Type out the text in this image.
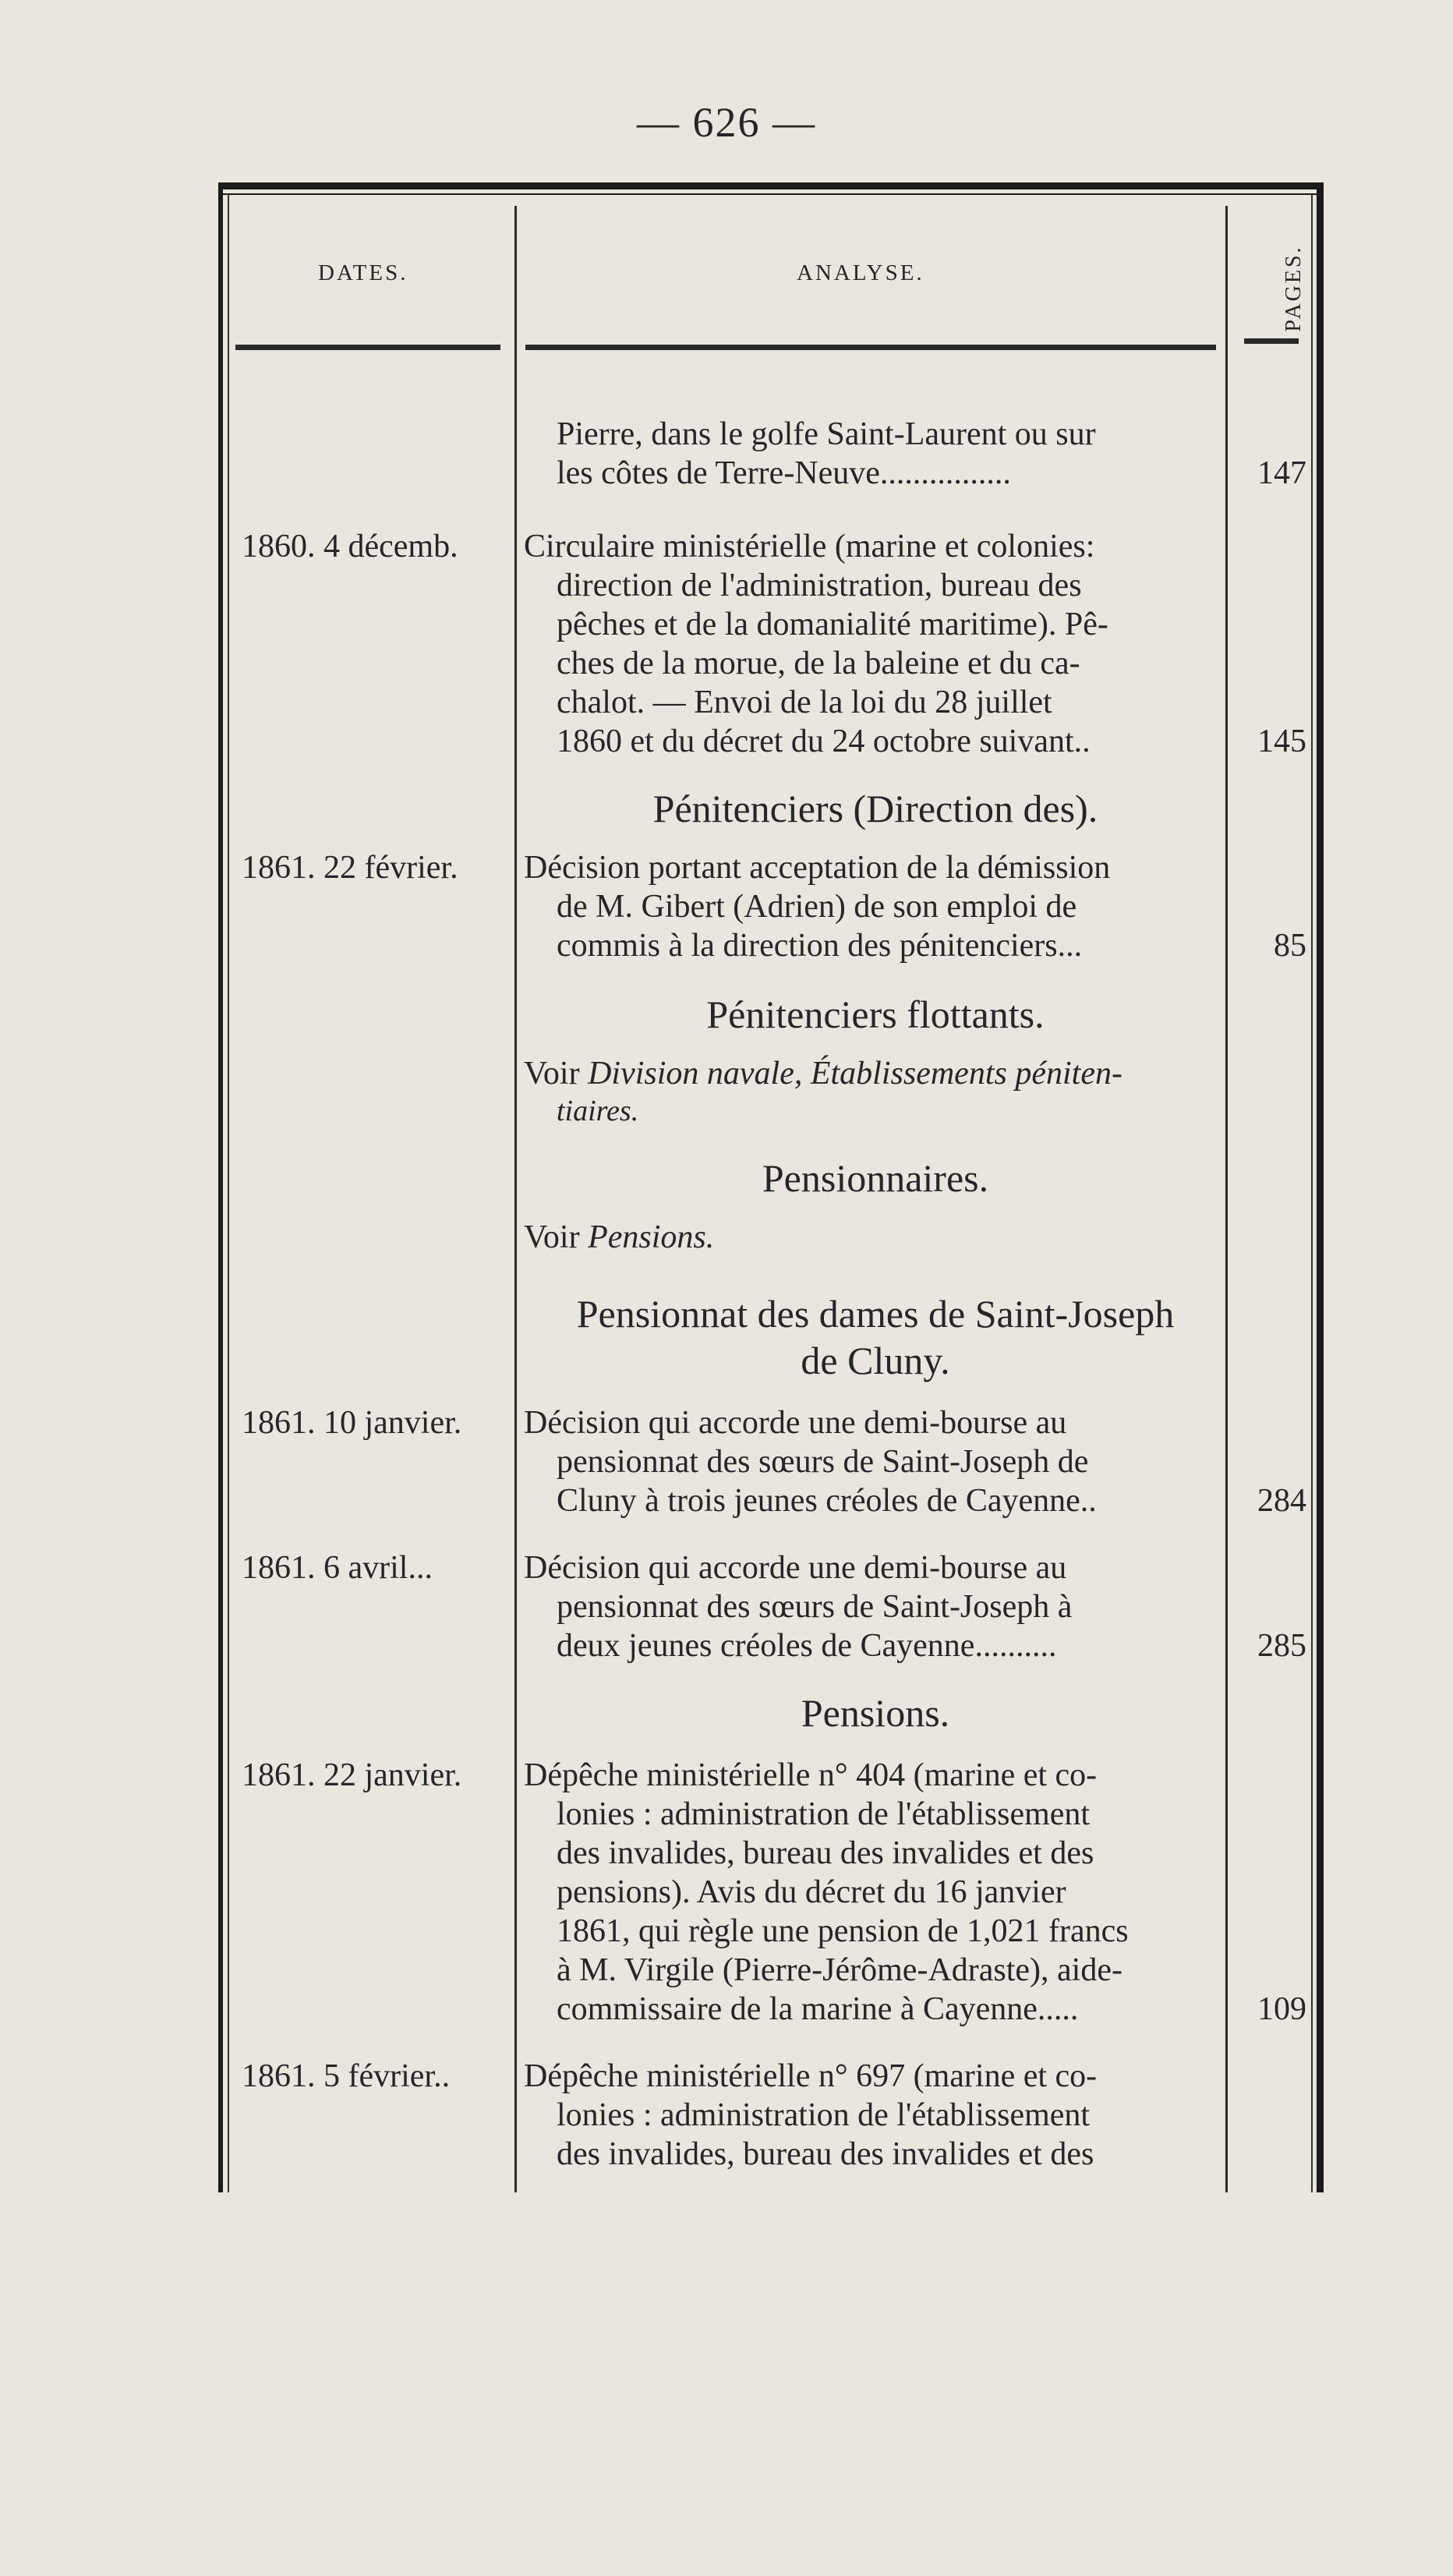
— 626 —
DATES.	ANALYSE.	PAGES.
Pierre, dans le golfe Saint-Laurent ou sur
les côtes de Terre-Neuve................	147
1860. 4 décemb. Circulaire ministérielle (marine et colonies:
direction de l'administration, bureau des
pêches et de la domanialité maritime). Pê-
ches de la morue, de la baleine et du ca-
chalot. — Envoi de la loi du 28 juillet
1860 et du décret du 24 octobre suivant..	145
Pénitenciers (Direction des).
1861. 22 février. Décision portant acceptation de la démission
de M. Gibert (Adrien) de son emploi de
commis à la direction des pénitenciers...	85
Pénitenciers flottants.
Voir Division navale, Établissements péniten-
tiaires.
Pensionnaires.
Voir Pensions.
Pensionnat des dames de Saint-Joseph
de Cluny.
1861. 10 janvier. Décision qui accorde une demi-bourse au
pensionnat des sœurs de Saint-Joseph de
Cluny à trois jeunes créoles de Cayenne..	284
1861. 6 avril...	Décision qui accorde une demi-bourse au
pensionnat des sœurs de Saint-Joseph à
deux jeunes créoles de Cayenne..........	285
Pensions.
1861. 22 janvier. Dépêche ministérielle n° 404 (marine et co-
lonies : administration de l'établissement
des invalides, bureau des invalides et des
pensions). Avis du décret du 16 janvier
1861, qui règle une pension de 1,021 francs
à M. Virgile (Pierre-Jérôme-Adraste), aide-
commissaire de la marine à Cayenne.....	109
1861. 5 février.. Dépêche ministérielle n° 697 (marine et co-
lonies : administration de l'établissement
des invalides, bureau des invalides et des
